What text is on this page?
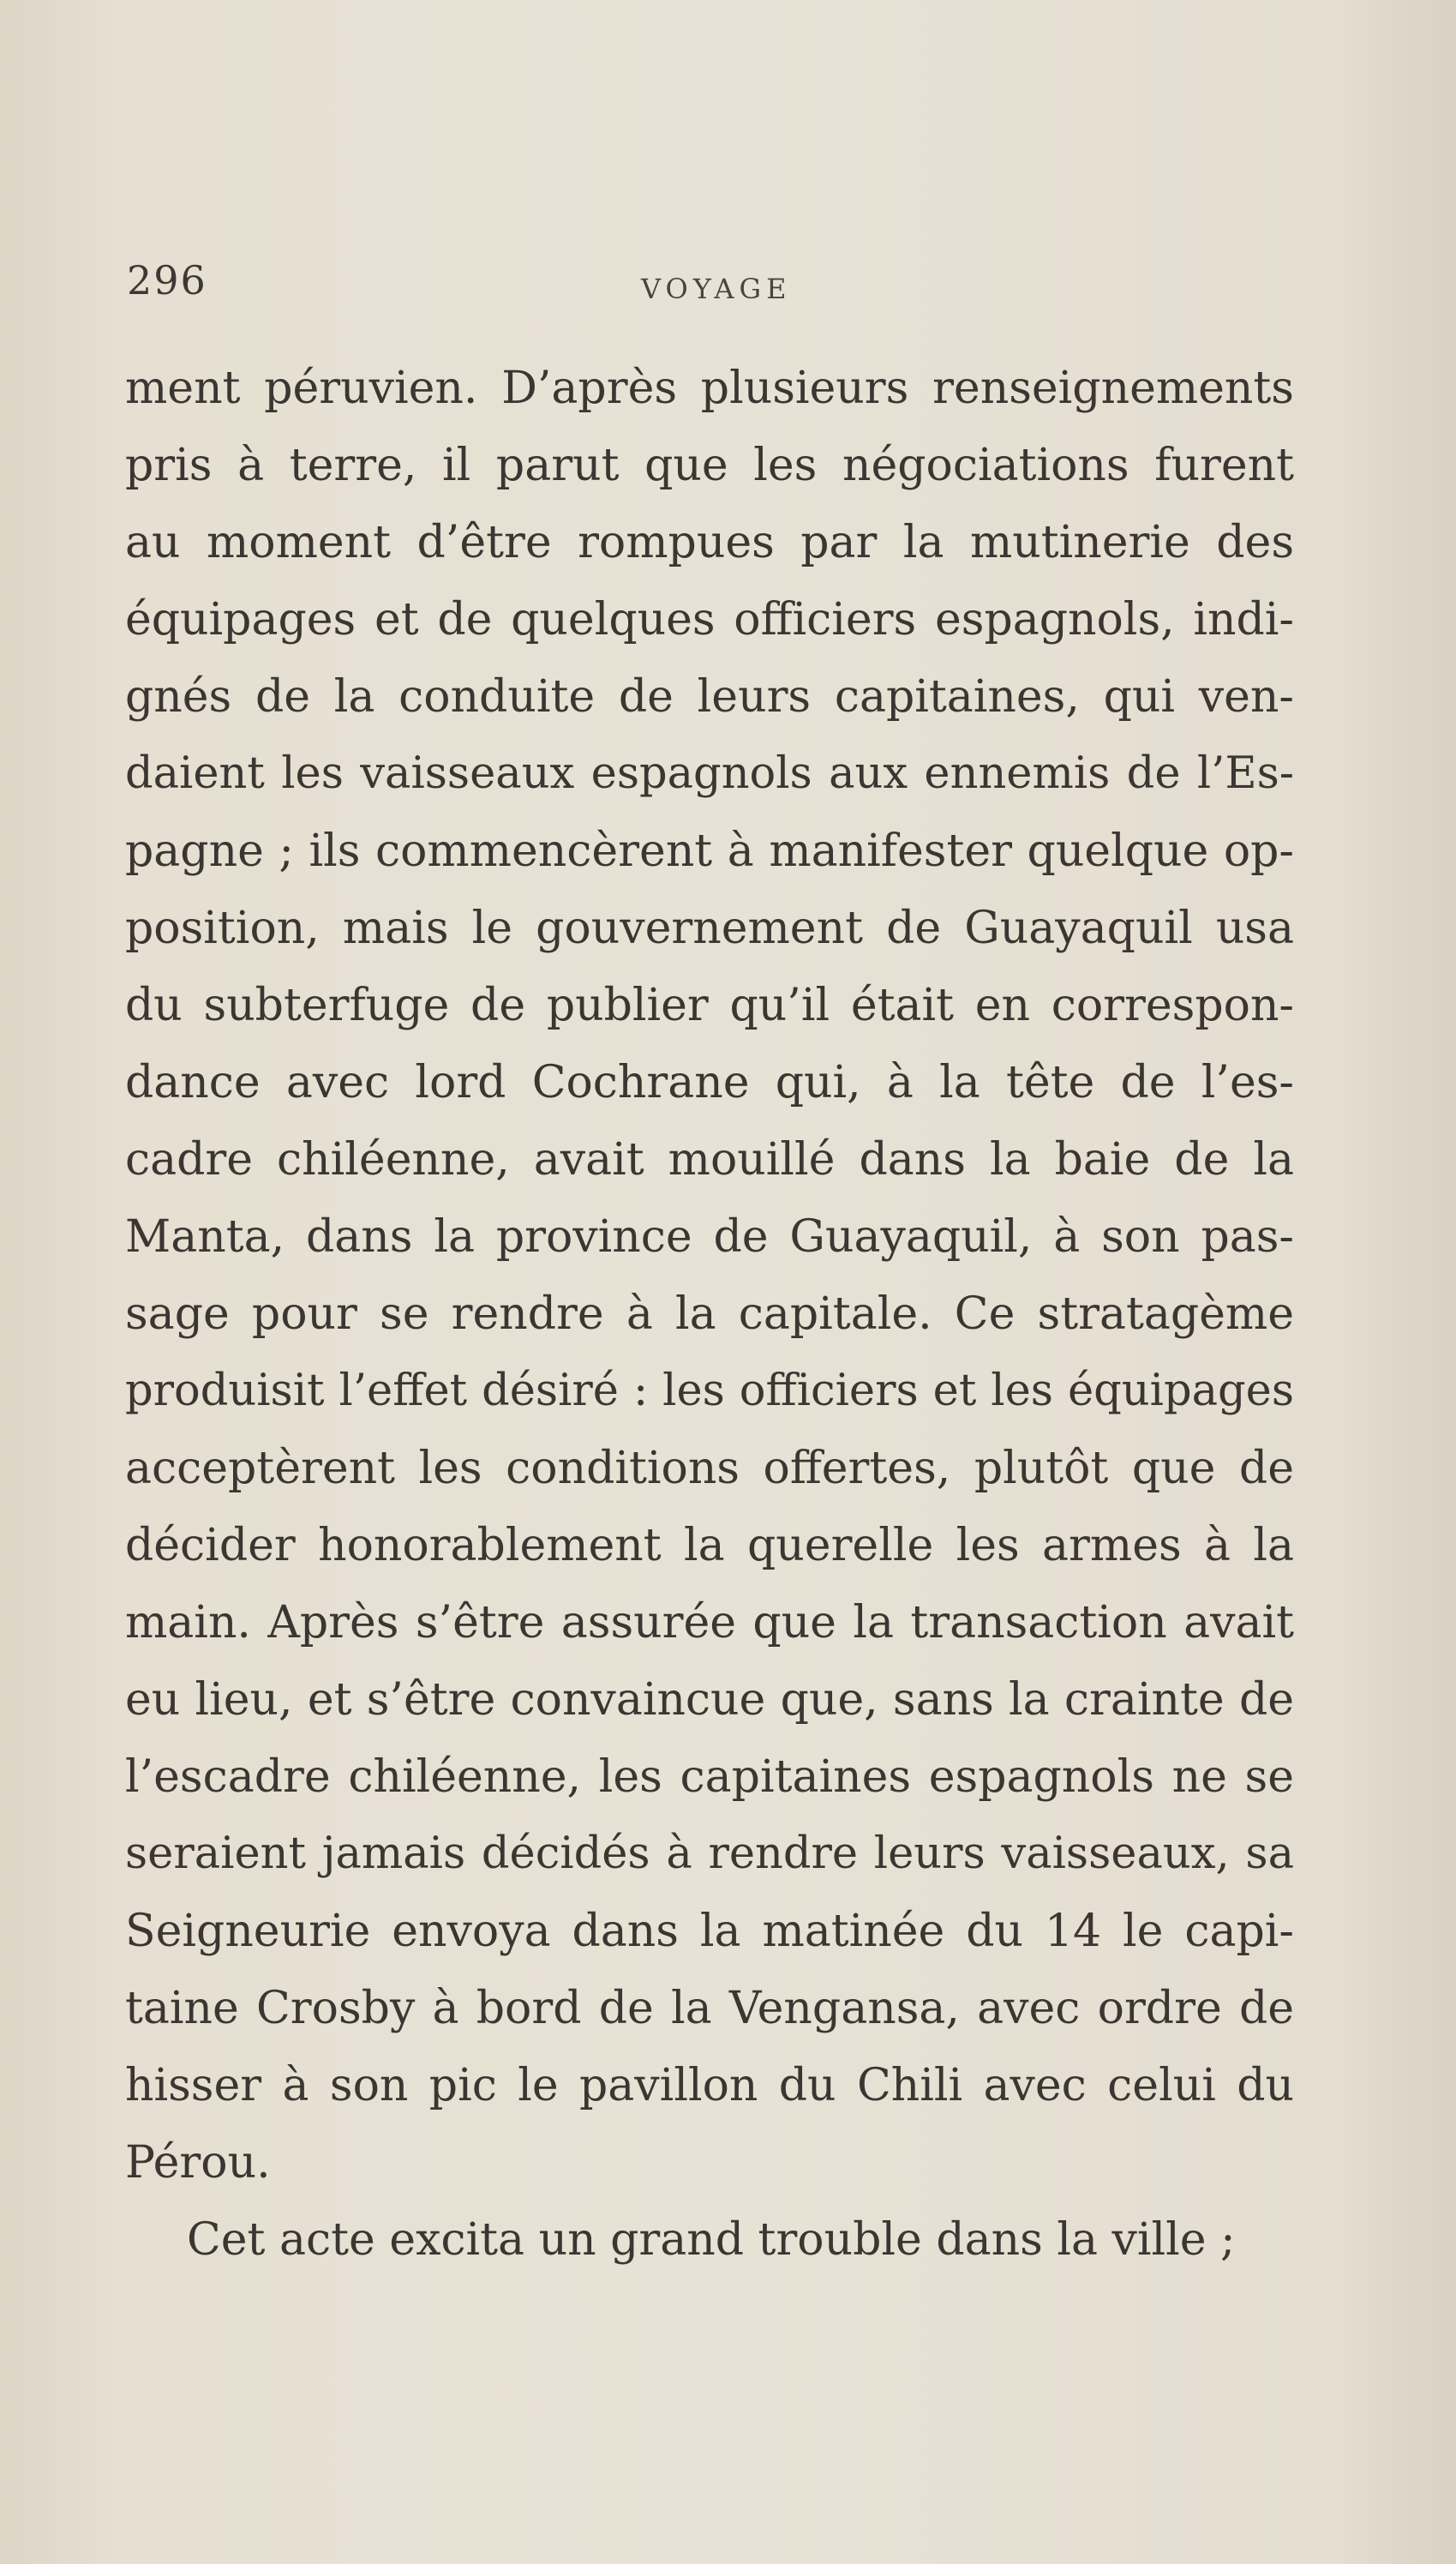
296	VOYAGE
ment péruvien. D’après plusieurs renseignements
pris à terre, il parut que les négociations furent
au moment d’être rompues par la mutinerie des
équipages et de quelques officiers espagnols, indi-
gnés de la conduite de leurs capitaines, qui ven-
daient les vaisseaux espagnols aux ennemis de l’Es-
pagne ; ils commencèrent à manifester quelque op-
position, mais le gouvernement de Guayaquil usa
du subterfuge de publier qu’il était en correspon-
dance avec lord Cochrane qui, à la tête de l’es-
cadre chiléenne, avait mouillé dans la baie de la
Manta, dans la province de Guayaquil, à son pas-
sage pour se rendre à la capitale. Ce stratagème
produisit l’effet désiré : les officiers et les équipages
acceptèrent les conditions offertes, plutôt que de
décider honorablement la querelle les armes à la
main. Après s’être assurée que la transaction avait
eu lieu, et s’être convaincue que, sans la crainte de
l’escadre chiléenne, les capitaines espagnols ne se
seraient jamais décidés à rendre leurs vaisseaux, sa
Seigneurie envoya dans la matinée du 14 le capi-
taine Crosby à bord de la Vengansa, avec ordre de
hisser à son pic le pavillon du Chili avec celui du
Pérou.
Cet acte excita un grand trouble dans la ville ;
